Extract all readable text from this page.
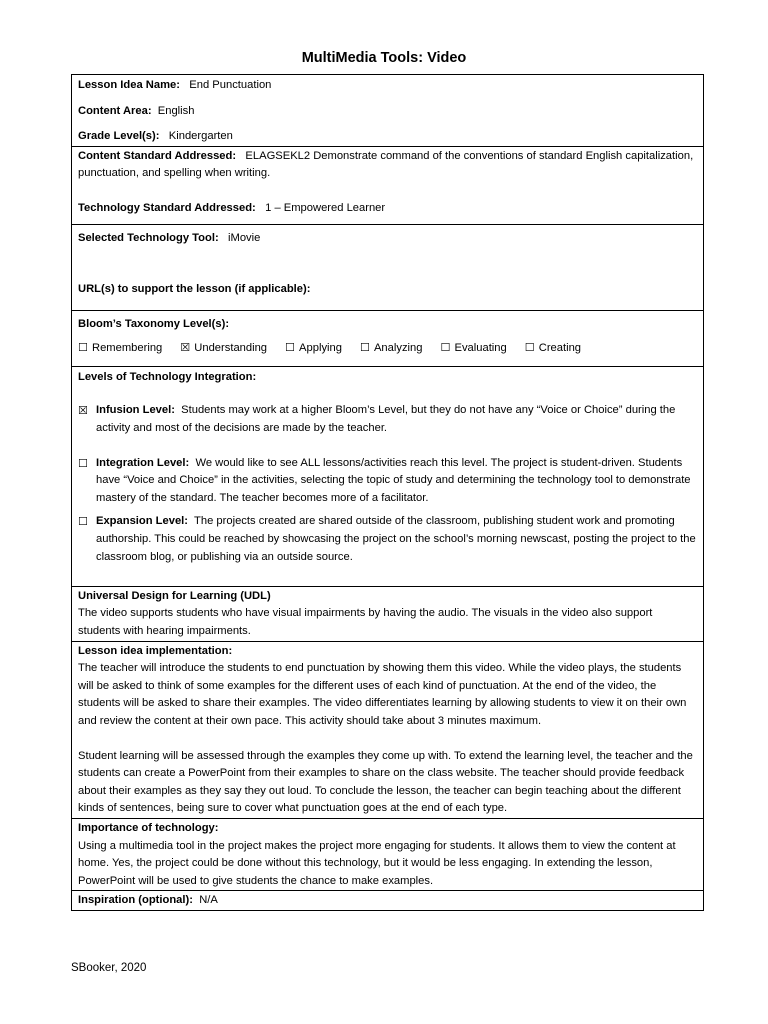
MultiMedia Tools: Video

Lesson Idea Name: End Punctuation

Content Area: English

Grade Level(s): Kindergarten

Content Standard Addressed: ELAGSEKL2 Demonstrate command of the conventions of standard English capitalization, punctuation, and spelling when writing.

Technology Standard Addressed: 1 – Empowered Learner

Selected Technology Tool: iMovie

URL(s) to support the lesson (if applicable):

Bloom’s Taxonomy Level(s):

☐ Remembering ☒ Understanding ☐ Applying ☐ Analyzing ☐ Evaluating ☐ Creating

Levels of Technology Integration:

☒ Infusion Level: Students may work at a higher Bloom’s Level, but they do not have any “Voice or Choice” during the activity and most of the decisions are made by the teacher.
☐ Integration Level: We would like to see ALL lessons/activities reach this level. The project is student-driven. Students have “Voice and Choice” in the activities, selecting the topic of study and determining the technology tool to demonstrate mastery of the standard. The teacher becomes more of a facilitator.
☐ Expansion Level: The projects created are shared outside of the classroom, publishing student work and promoting authorship. This could be reached by showcasing the project on the school’s morning newscast, posting the project to the classroom blog, or publishing via an outside source.

Universal Design for Learning (UDL)

The video supports students who have visual impairments by having the audio. The visuals in the video also support students with hearing impairments.

Lesson idea implementation:

The teacher will introduce the students to end punctuation by showing them this video. While the video plays, the students will be asked to think of some examples for the different uses of each kind of punctuation. At the end of the video, the students will be asked to share their examples. The video differentiates learning by allowing students to view it on their own and review the content at their own pace. This activity should take about 3 minutes maximum.

Student learning will be assessed through the examples they come up with. To extend the learning level, the teacher and the students can create a PowerPoint from their examples to share on the class website. The teacher should provide feedback about their examples as they say they out loud. To conclude the lesson, the teacher can begin teaching about the different kinds of sentences, being sure to cover what punctuation goes at the end of each type.

Importance of technology:

Using a multimedia tool in the project makes the project more engaging for students. It allows them to view the content at home. Yes, the project could be done without this technology, but it would be less engaging. In extending the lesson, PowerPoint will be used to give students the chance to make examples.

Inspiration (optional): N/A

SBooker, 2020
